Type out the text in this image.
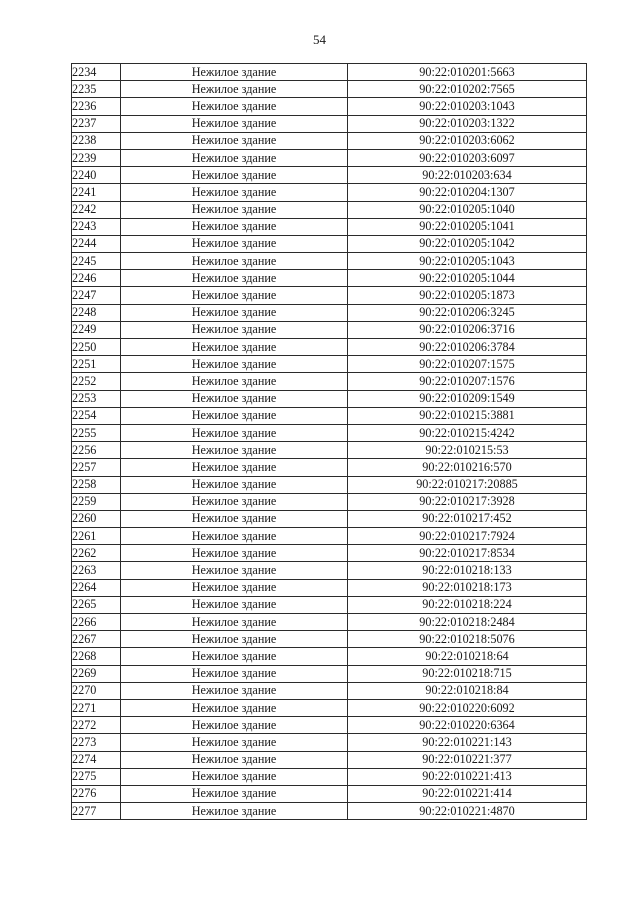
54
2234	Нежилое здание	90:22:010201:5663
2235	Нежилое здание	90:22:010202:7565
2236	Нежилое здание	90:22:010203:1043
2237	Нежилое здание	90:22:010203:1322
2238	Нежилое здание	90:22:010203:6062
2239	Нежилое здание	90:22:010203:6097
2240	Нежилое здание	90:22:010203:634
2241	Нежилое здание	90:22:010204:1307
2242	Нежилое здание	90:22:010205:1040
2243	Нежилое здание	90:22:010205:1041
2244	Нежилое здание	90:22:010205:1042
2245	Нежилое здание	90:22:010205:1043
2246	Нежилое здание	90:22:010205:1044
2247	Нежилое здание	90:22:010205:1873
2248	Нежилое здание	90:22:010206:3245
2249	Нежилое здание	90:22:010206:3716
2250	Нежилое здание	90:22:010206:3784
2251	Нежилое здание	90:22:010207:1575
2252	Нежилое здание	90:22:010207:1576
2253	Нежилое здание	90:22:010209:1549
2254	Нежилое здание	90:22:010215:3881
2255	Нежилое здание	90:22:010215:4242
2256	Нежилое здание	90:22:010215:53
2257	Нежилое здание	90:22:010216:570
2258	Нежилое здание	90:22:010217:20885
2259	Нежилое здание	90:22:010217:3928
2260	Нежилое здание	90:22:010217:452
2261	Нежилое здание	90:22:010217:7924
2262	Нежилое здание	90:22:010217:8534
2263	Нежилое здание	90:22:010218:133
2264	Нежилое здание	90:22:010218:173
2265	Нежилое здание	90:22:010218:224
2266	Нежилое здание	90:22:010218:2484
2267	Нежилое здание	90:22:010218:5076
2268	Нежилое здание	90:22:010218:64
2269	Нежилое здание	90:22:010218:715
2270	Нежилое здание	90:22:010218:84
2271	Нежилое здание	90:22:010220:6092
2272	Нежилое здание	90:22:010220:6364
2273	Нежилое здание	90:22:010221:143
2274	Нежилое здание	90:22:010221:377
2275	Нежилое здание	90:22:010221:413
2276	Нежилое здание	90:22:010221:414
2277	Нежилое здание	90:22:010221:4870
